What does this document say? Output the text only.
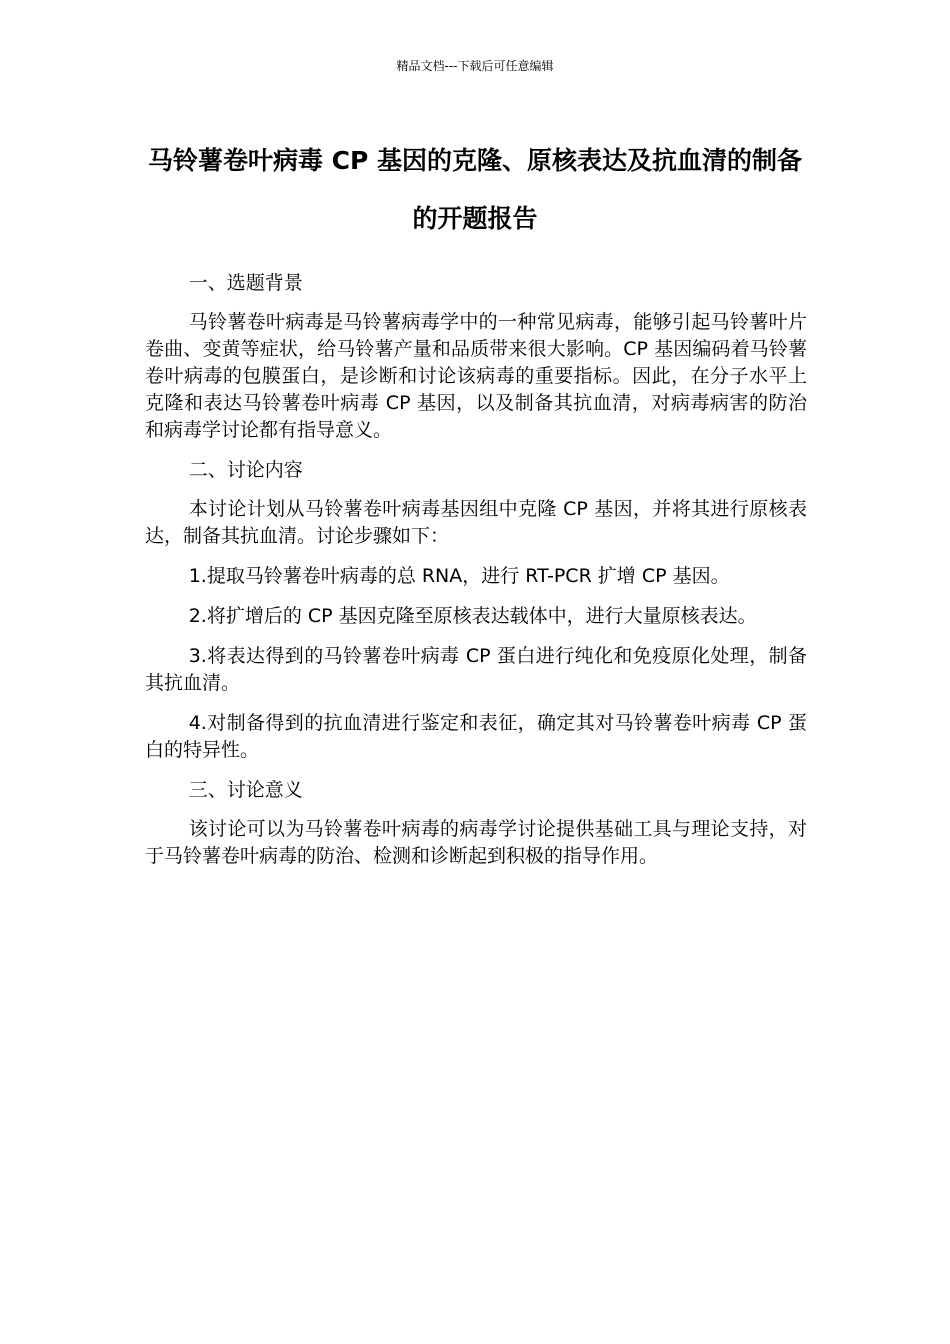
精品文档---下载后可任意编辑
马铃薯卷叶病毒 CP 基因的克隆、原核表达及抗血清的制备的开题报告

一、选题背景

马铃薯卷叶病毒是马铃薯病毒学中的一种常见病毒，能够引起马铃薯叶片卷曲、变黄等症状，给马铃薯产量和品质带来很大影响。CP 基因编码着马铃薯卷叶病毒的包膜蛋白，是诊断和讨论该病毒的重要指标。因此，在分子水平上克隆和表达马铃薯卷叶病毒 CP 基因，以及制备其抗血清，对病毒病害的防治和病毒学讨论都有指导意义。

二、讨论内容

本讨论计划从马铃薯卷叶病毒基因组中克隆 CP 基因，并将其进行原核表达，制备其抗血清。讨论步骤如下：

1.提取马铃薯卷叶病毒的总 RNA，进行 RT-PCR 扩增 CP 基因。

2.将扩增后的 CP 基因克隆至原核表达载体中，进行大量原核表达。

3.将表达得到的马铃薯卷叶病毒 CP 蛋白进行纯化和免疫原化处理，制备其抗血清。

4.对制备得到的抗血清进行鉴定和表征，确定其对马铃薯卷叶病毒 CP 蛋白的特异性。

三、讨论意义

该讨论可以为马铃薯卷叶病毒的病毒学讨论提供基础工具与理论支持，对于马铃薯卷叶病毒的防治、检测和诊断起到积极的指导作用。
